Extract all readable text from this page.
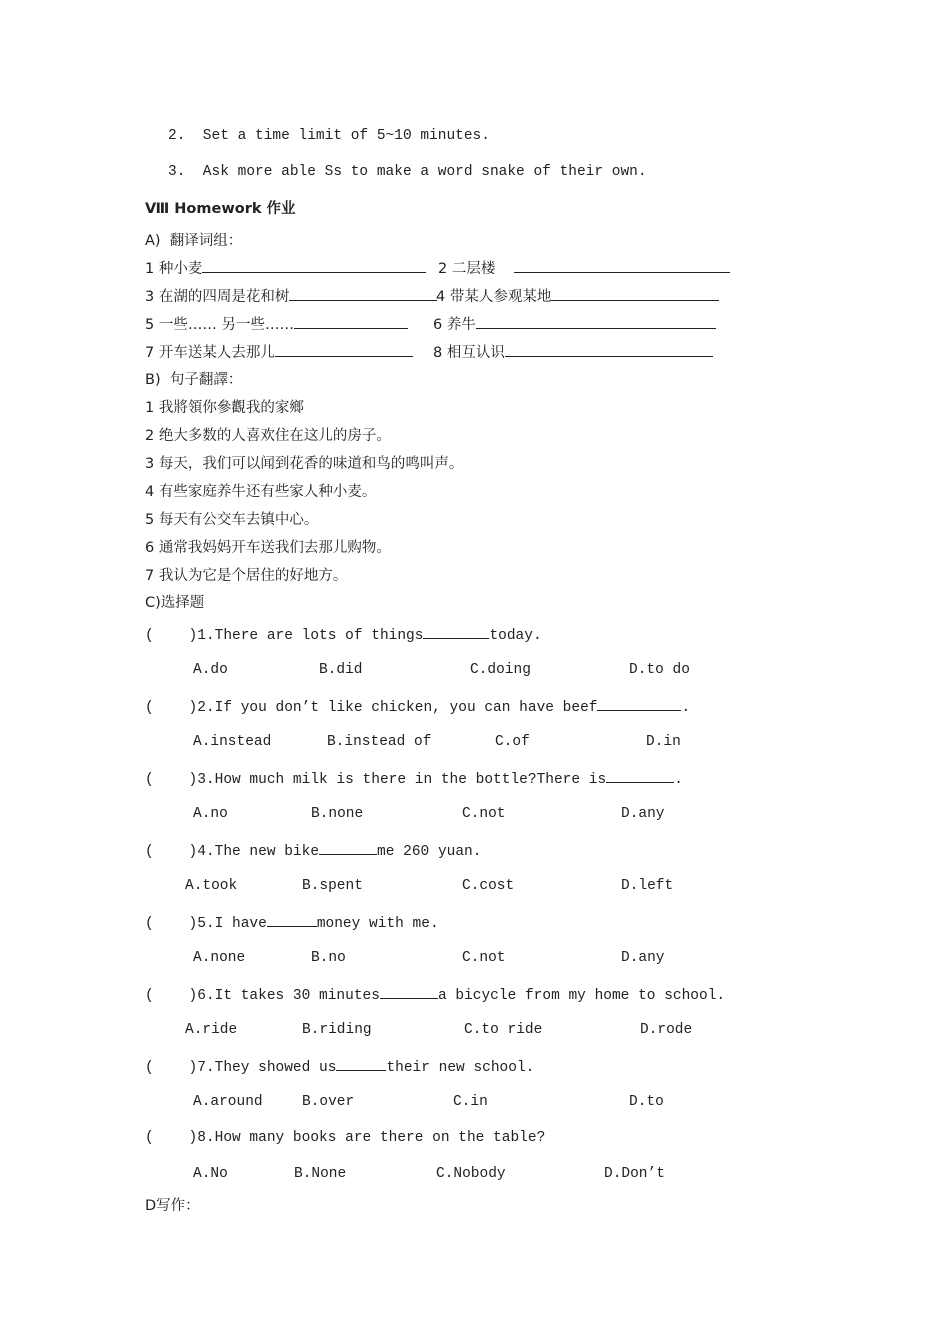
2.  Set a time limit of 5~10 minutes.
3.  Ask more able Ss to make a word snake of their own.
Ⅷ Homework 作业
A)  翻译词组：
1 种小麦	2 二层楼
3 在湖的四周是花和树	4 带某人参观某地
5 一些…… 另一些……	6 养牛
7 开车送某人去那儿	8 相互认识
B)  句子翻譯：
1 我將領你參觀我的家鄉
2 绝大多数的人喜欢住在这儿的房子。
3 每天，我们可以闻到花香的味道和鸟的鸣叫声。
4 有些家庭养牛还有些家人种小麦。
5 每天有公交车去镇中心。
6 通常我妈妈开车送我们去那儿购物。
7 我认为它是个居住的好地方。
C)选择题
(    )1.There are lots of things	today.
A.do	B.did	C.doing	D.to do
(    )2.If you don’t like chicken, you can have beef	.
A.instead	B.instead of	C.of	D.in
(    )3.How much milk is there in the bottle?There is	.
A.no	B.none	C.not	D.any
(    )4.The new bike	me 260 yuan.
A.took	B.spent	C.cost	D.left
(    )5.I have	money with me.
A.none	B.no	C.not	D.any
(    )6.It takes 30 minutes	a bicycle from my home to school.
A.ride	B.riding	C.to ride	D.rode
(    )7.They showed us	their new school.
A.around	B.over	C.in	D.to
(    )8.How many books are there on the table?
A.No	B.None	C.Nobody	D.Don’t
D写作：
